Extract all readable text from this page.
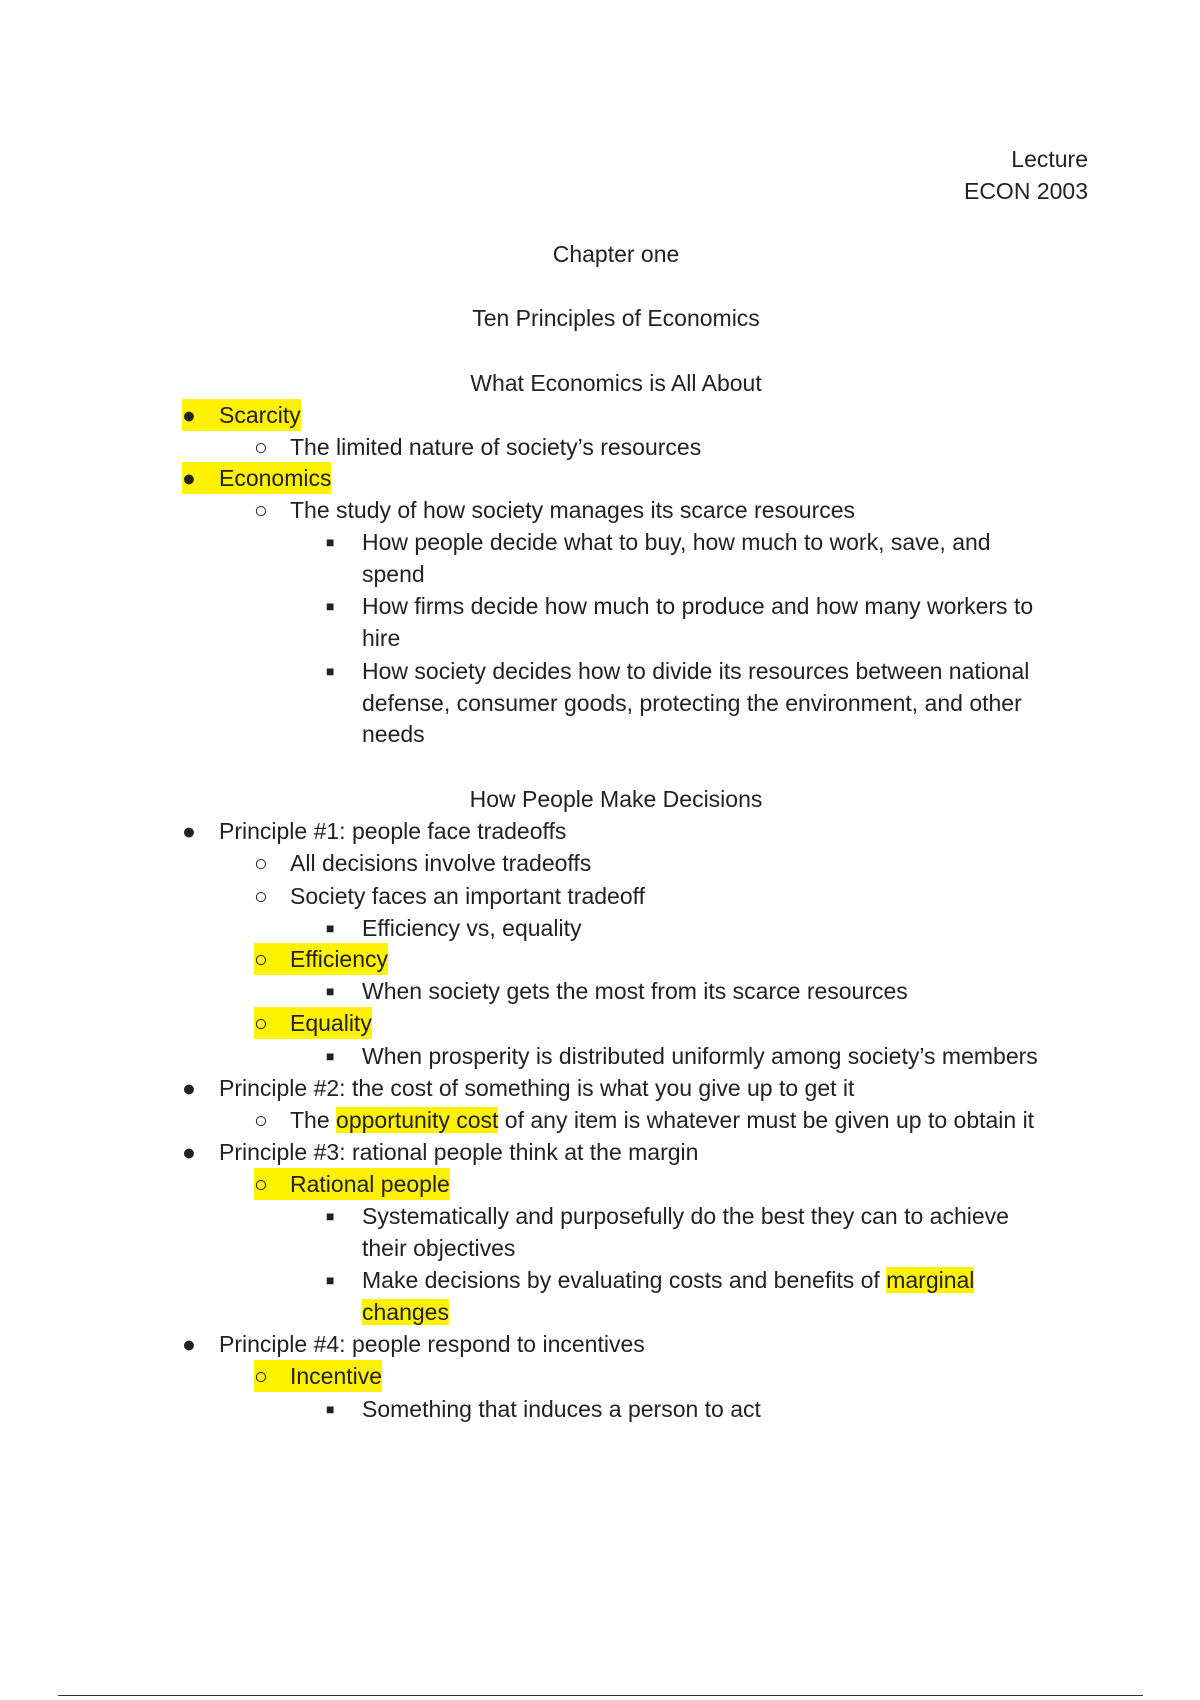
Lecture
ECON 2003
Chapter one
Ten Principles of Economics
What Economics is All About
● Scarcity
○ The limited nature of society’s resources
● Economics
○ The study of how society manages its scarce resources
■ How people decide what to buy, how much to work, save, and
spend
■ How firms decide how much to produce and how many workers to
hire
■ How society decides how to divide its resources between national
defense, consumer goods, protecting the environment, and other
needs
How People Make Decisions
● Principle #1: people face tradeoffs
○ All decisions involve tradeoffs
○ Society faces an important tradeoff
■ Efficiency vs, equality
○ Efficiency
■ When society gets the most from its scarce resources
○ Equality
■ When prosperity is distributed uniformly among society’s members
● Principle #2: the cost of something is what you give up to get it
○ The opportunity cost of any item is whatever must be given up to obtain it
● Principle #3: rational people think at the margin
○ Rational people
■ Systematically and purposefully do the best they can to achieve
their objectives
■ Make decisions by evaluating costs and benefits of marginal
changes
● Principle #4: people respond to incentives
○ Incentive
■ Something that induces a person to act
